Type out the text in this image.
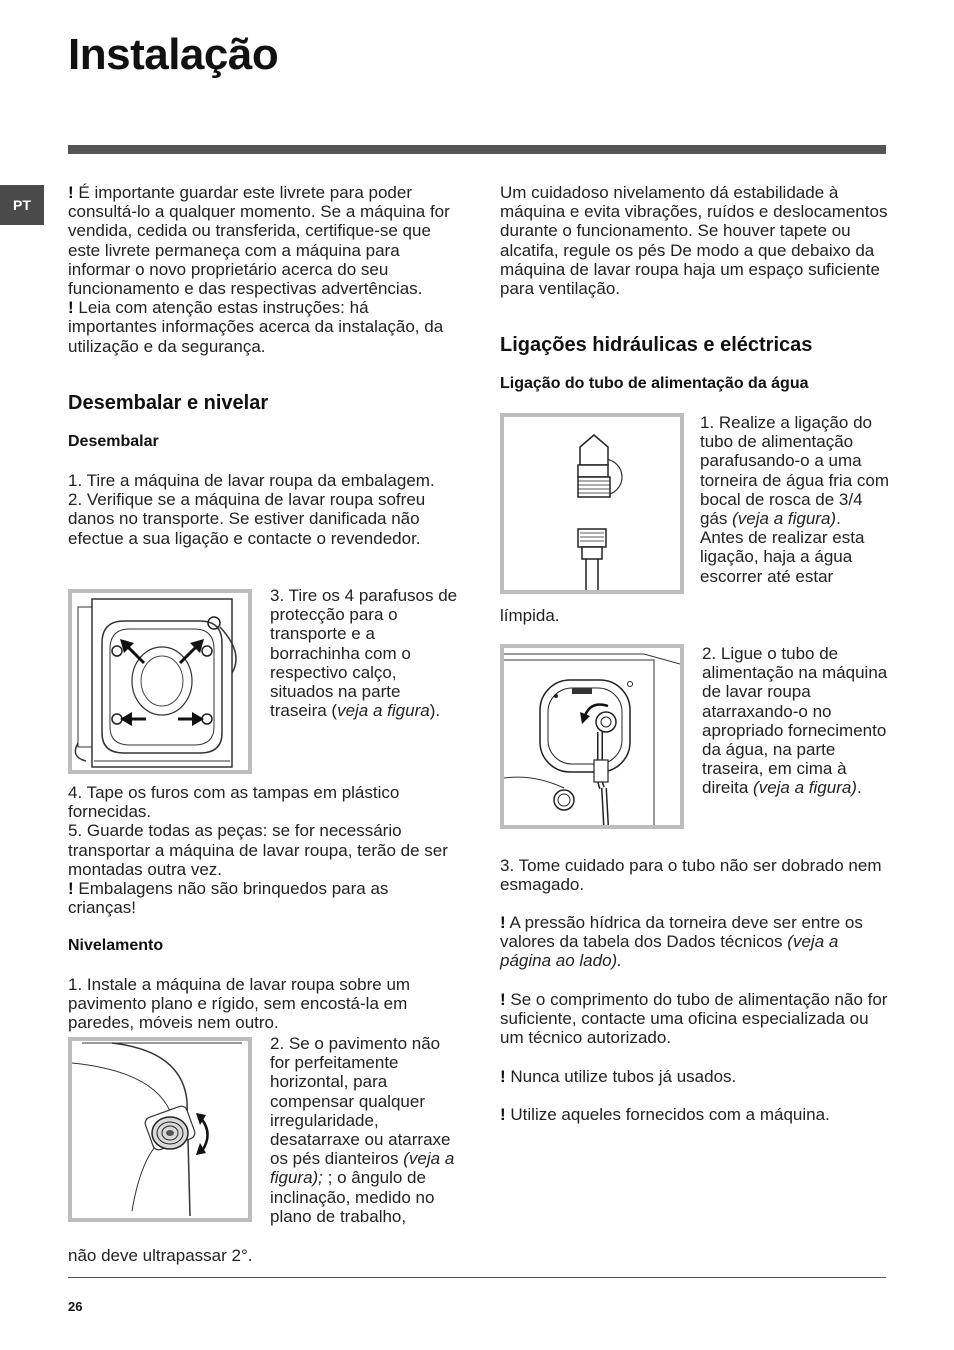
Instalação
PT

! É importante guardar este livrete para poder consultá-lo a qualquer momento. Se a máquina for vendida, cedida ou transferida, certifique-se que este livrete permaneça com a máquina para informar o novo proprietário acerca do seu funcionamento e das respectivas advertências.
! Leia com atenção estas instruções: há importantes informações acerca da instalação, da utilização e da segurança.

Desembalar e nivelar
Desembalar

1. Tire a máquina de lavar roupa da embalagem.
2. Verifique se a máquina de lavar roupa sofreu danos no transporte. Se estiver danificada não efectue a sua ligação e contacte o revendedor.

3. Tire os 4 parafusos de protecção para o transporte e a borrachinha com o respectivo calço, situados na parte traseira (veja a figura).

4. Tape os furos com as tampas em plástico fornecidas.
5. Guarde todas as peças: se for necessário transportar a máquina de lavar roupa, terão de ser montadas outra vez.
! Embalagens não são brinquedos para as crianças!

Nivelamento

1. Instale a máquina de lavar roupa sobre um pavimento plano e rígido, sem encostá-la em paredes, móveis nem outro.

2. Se o pavimento não for perfeitamente horizontal, para compensar qualquer irregularidade, desatarraxe ou atarraxe os pés dianteiros (veja a figura); ; o ângulo de inclinação, medido no plano de trabalho,

não deve ultrapassar 2°.

Um cuidadoso nivelamento dá estabilidade à máquina e evita vibrações, ruídos e deslocamentos durante o funcionamento. Se houver tapete ou alcatifa, regule os pés De modo a que debaixo da máquina de lavar roupa haja um espaço suficiente para ventilação.

Ligações hidráulicas e eléctricas
Ligação do tubo de alimentação da água

1. Realize a ligação do tubo de alimentação parafusando-o a uma torneira de água fria com bocal de rosca de 3/4 gás (veja a figura).
Antes de realizar esta ligação, haja a água escorrer até estar

límpida.

2. Ligue o tubo de alimentação na máquina de lavar roupa atarraxando-o no apropriado fornecimento da água, na parte traseira, em cima à direita (veja a figura).

3. Tome cuidado para o tubo não ser dobrado nem esmagado.

! A pressão hídrica da torneira deve ser entre os valores da tabela dos Dados técnicos (veja a página ao lado).

! Se o comprimento do tubo de alimentação não for suficiente, contacte uma oficina especializada ou um técnico autorizado.

! Nunca utilize tubos já usados.

! Utilize aqueles fornecidos com a máquina.

26
